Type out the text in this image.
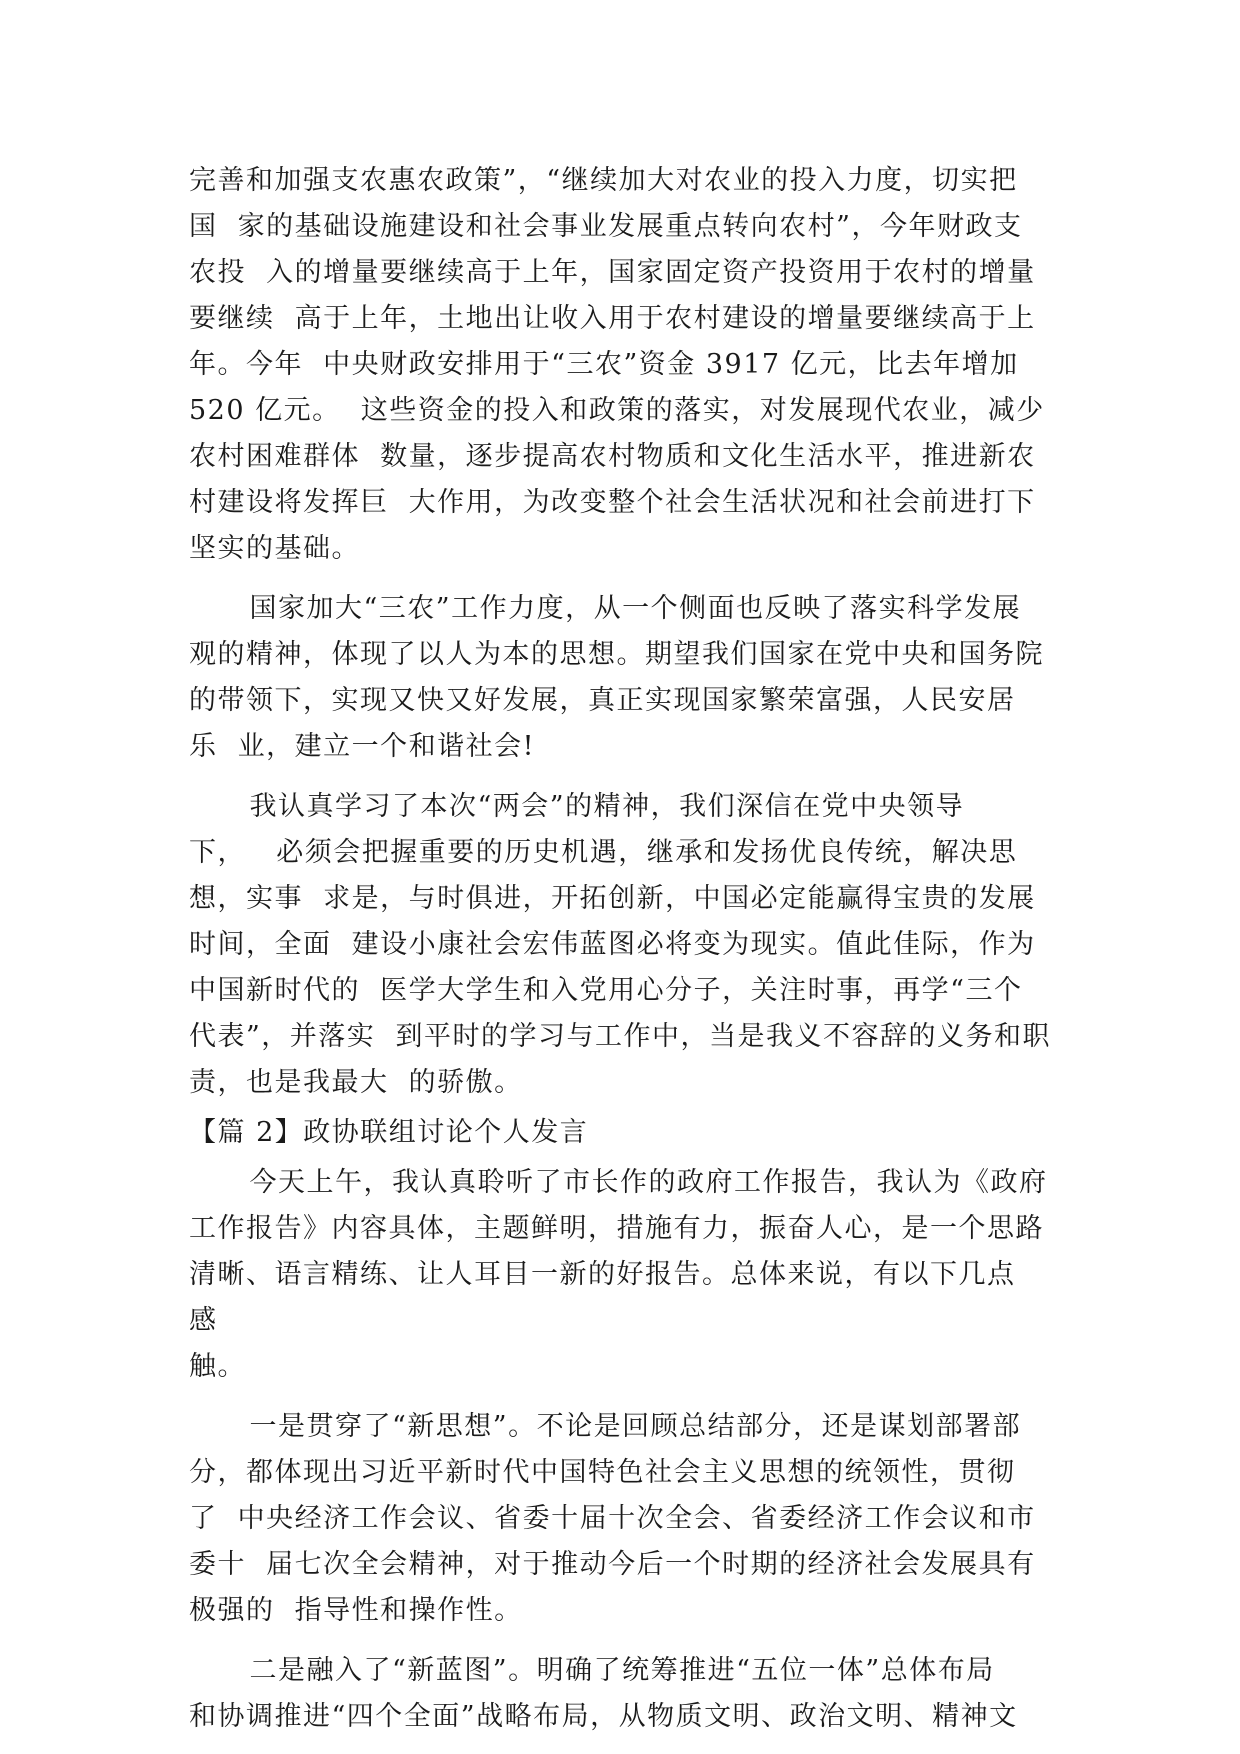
完善和加强支农惠农政策”，“继续加大对农业的投入力度，切实把
国  家的基础设施建设和社会事业发展重点转向农村”，今年财政支
农投  入的增量要继续高于上年，国家固定资产投资用于农村的增量
要继续  高于上年，土地出让收入用于农村建设的增量要继续高于上
年。今年  中央财政安排用于“三农”资金 3917 亿元，比去年增加
520 亿元。  这些资金的投入和政策的落实，对发展现代农业，减少
农村困难群体  数量，逐步提高农村物质和文化生活水平，推进新农
村建设将发挥巨  大作用，为改变整个社会生活状况和社会前进打下
坚实的基础。
国家加大“三农”工作力度，从一个侧面也反映了落实科学发展
观的精神，体现了以人为本的思想。期望我们国家在党中央和国务院
的带领下，实现又快又好发展，真正实现国家繁荣富强，人民安居
乐  业，建立一个和谐社会!
我认真学习了本次“两会”的精神，我们深信在党中央领导
下，   必须会把握重要的历史机遇，继承和发扬优良传统，解决思
想，实事  求是，与时俱进，开拓创新，中国必定能赢得宝贵的发展
时间，全面  建设小康社会宏伟蓝图必将变为现实。值此佳际，作为
中国新时代的  医学大学生和入党用心分子，关注时事，再学“三个
代表”，并落实  到平时的学习与工作中，当是我义不容辞的义务和职
责，也是我最大  的骄傲。
【篇 2】政协联组讨论个人发言
今天上午，我认真聆听了市长作的政府工作报告，我认为《政府
工作报告》内容具体，主题鲜明，措施有力，振奋人心，是一个思路
清晰、语言精练、让人耳目一新的好报告。总体来说，有以下几点
感
触。
一是贯穿了“新思想”。不论是回顾总结部分，还是谋划部署部
分，都体现出习近平新时代中国特色社会主义思想的统领性，贯彻
了  中央经济工作会议、省委十届十次全会、省委经济工作会议和市
委十  届七次全会精神，对于推动今后一个时期的经济社会发展具有
极强的  指导性和操作性。
二是融入了“新蓝图”。明确了统筹推进“五位一体”总体布局
和协调推进“四个全面”战略布局，从物质文明、政治文明、精神文
